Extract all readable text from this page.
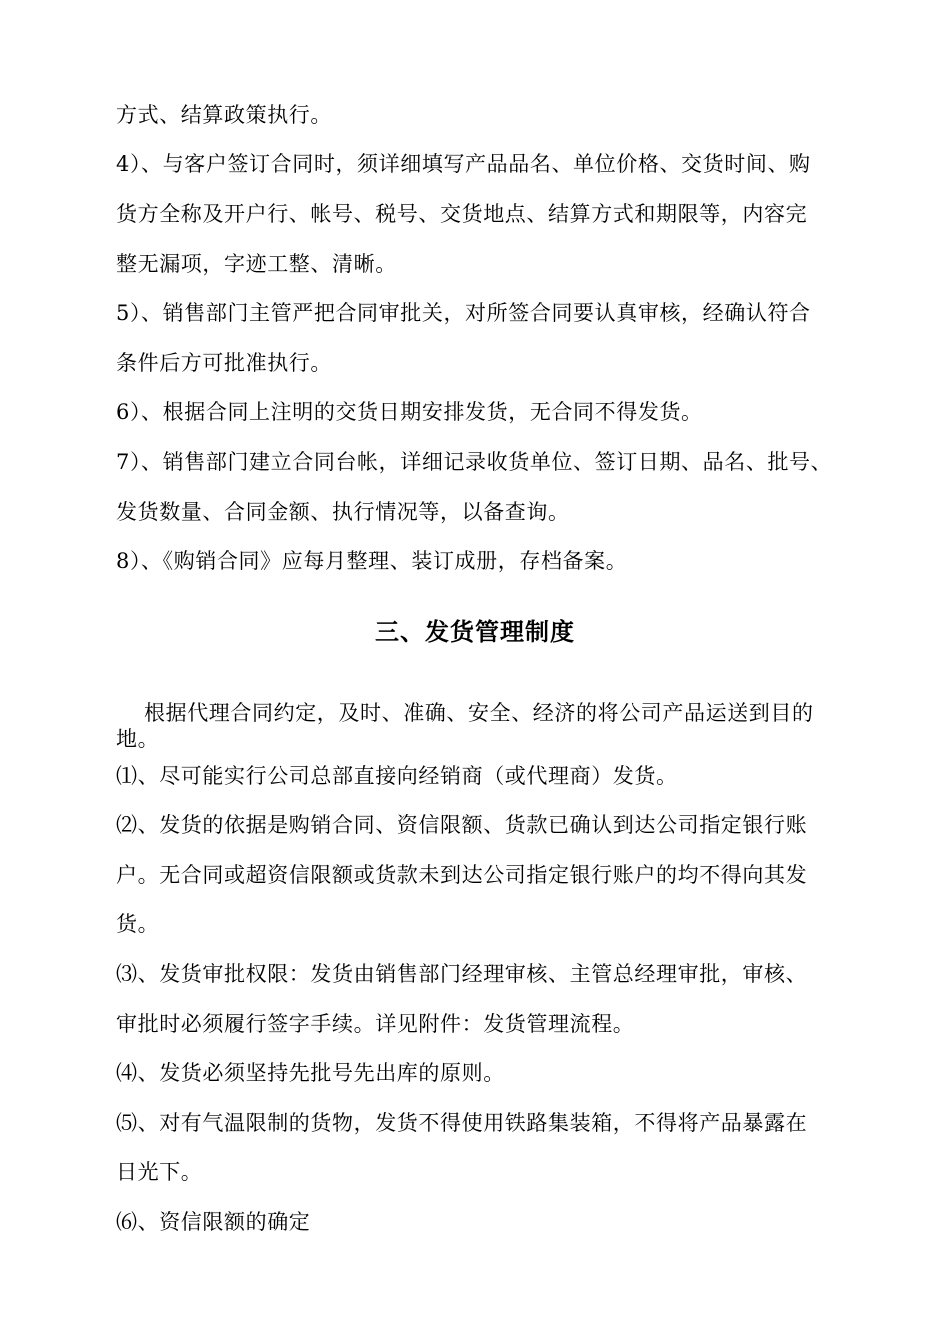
方式、结算政策执行。
4）、与客户签订合同时，须详细填写产品品名、单位价格、交货时间、购
货方全称及开户行、帐号、税号、交货地点、结算方式和期限等，内容完
整无漏项，字迹工整、清晰。
5）、销售部门主管严把合同审批关，对所签合同要认真审核，经确认符合
条件后方可批准执行。
6）、根据合同上注明的交货日期安排发货，无合同不得发货。
7）、销售部门建立合同台帐，详细记录收货单位、签订日期、品名、批号、
发货数量、合同金额、执行情况等，以备查询。
8）、《购销合同》应每月整理、装订成册，存档备案。
三、发货管理制度
根据代理合同约定，及时、准确、安全、经济的将公司产品运送到目的
地。
⑴、尽可能实行公司总部直接向经销商（或代理商）发货。
⑵、发货的依据是购销合同、资信限额、货款已确认到达公司指定银行账
户。无合同或超资信限额或货款未到达公司指定银行账户的均不得向其发
货。
⑶、发货审批权限：发货由销售部门经理审核、主管总经理审批，审核、
审批时必须履行签字手续。详见附件：发货管理流程。
⑷、发货必须坚持先批号先出库的原则。
⑸、对有气温限制的货物，发货不得使用铁路集装箱，不得将产品暴露在
日光下。
⑹、资信限额的确定
